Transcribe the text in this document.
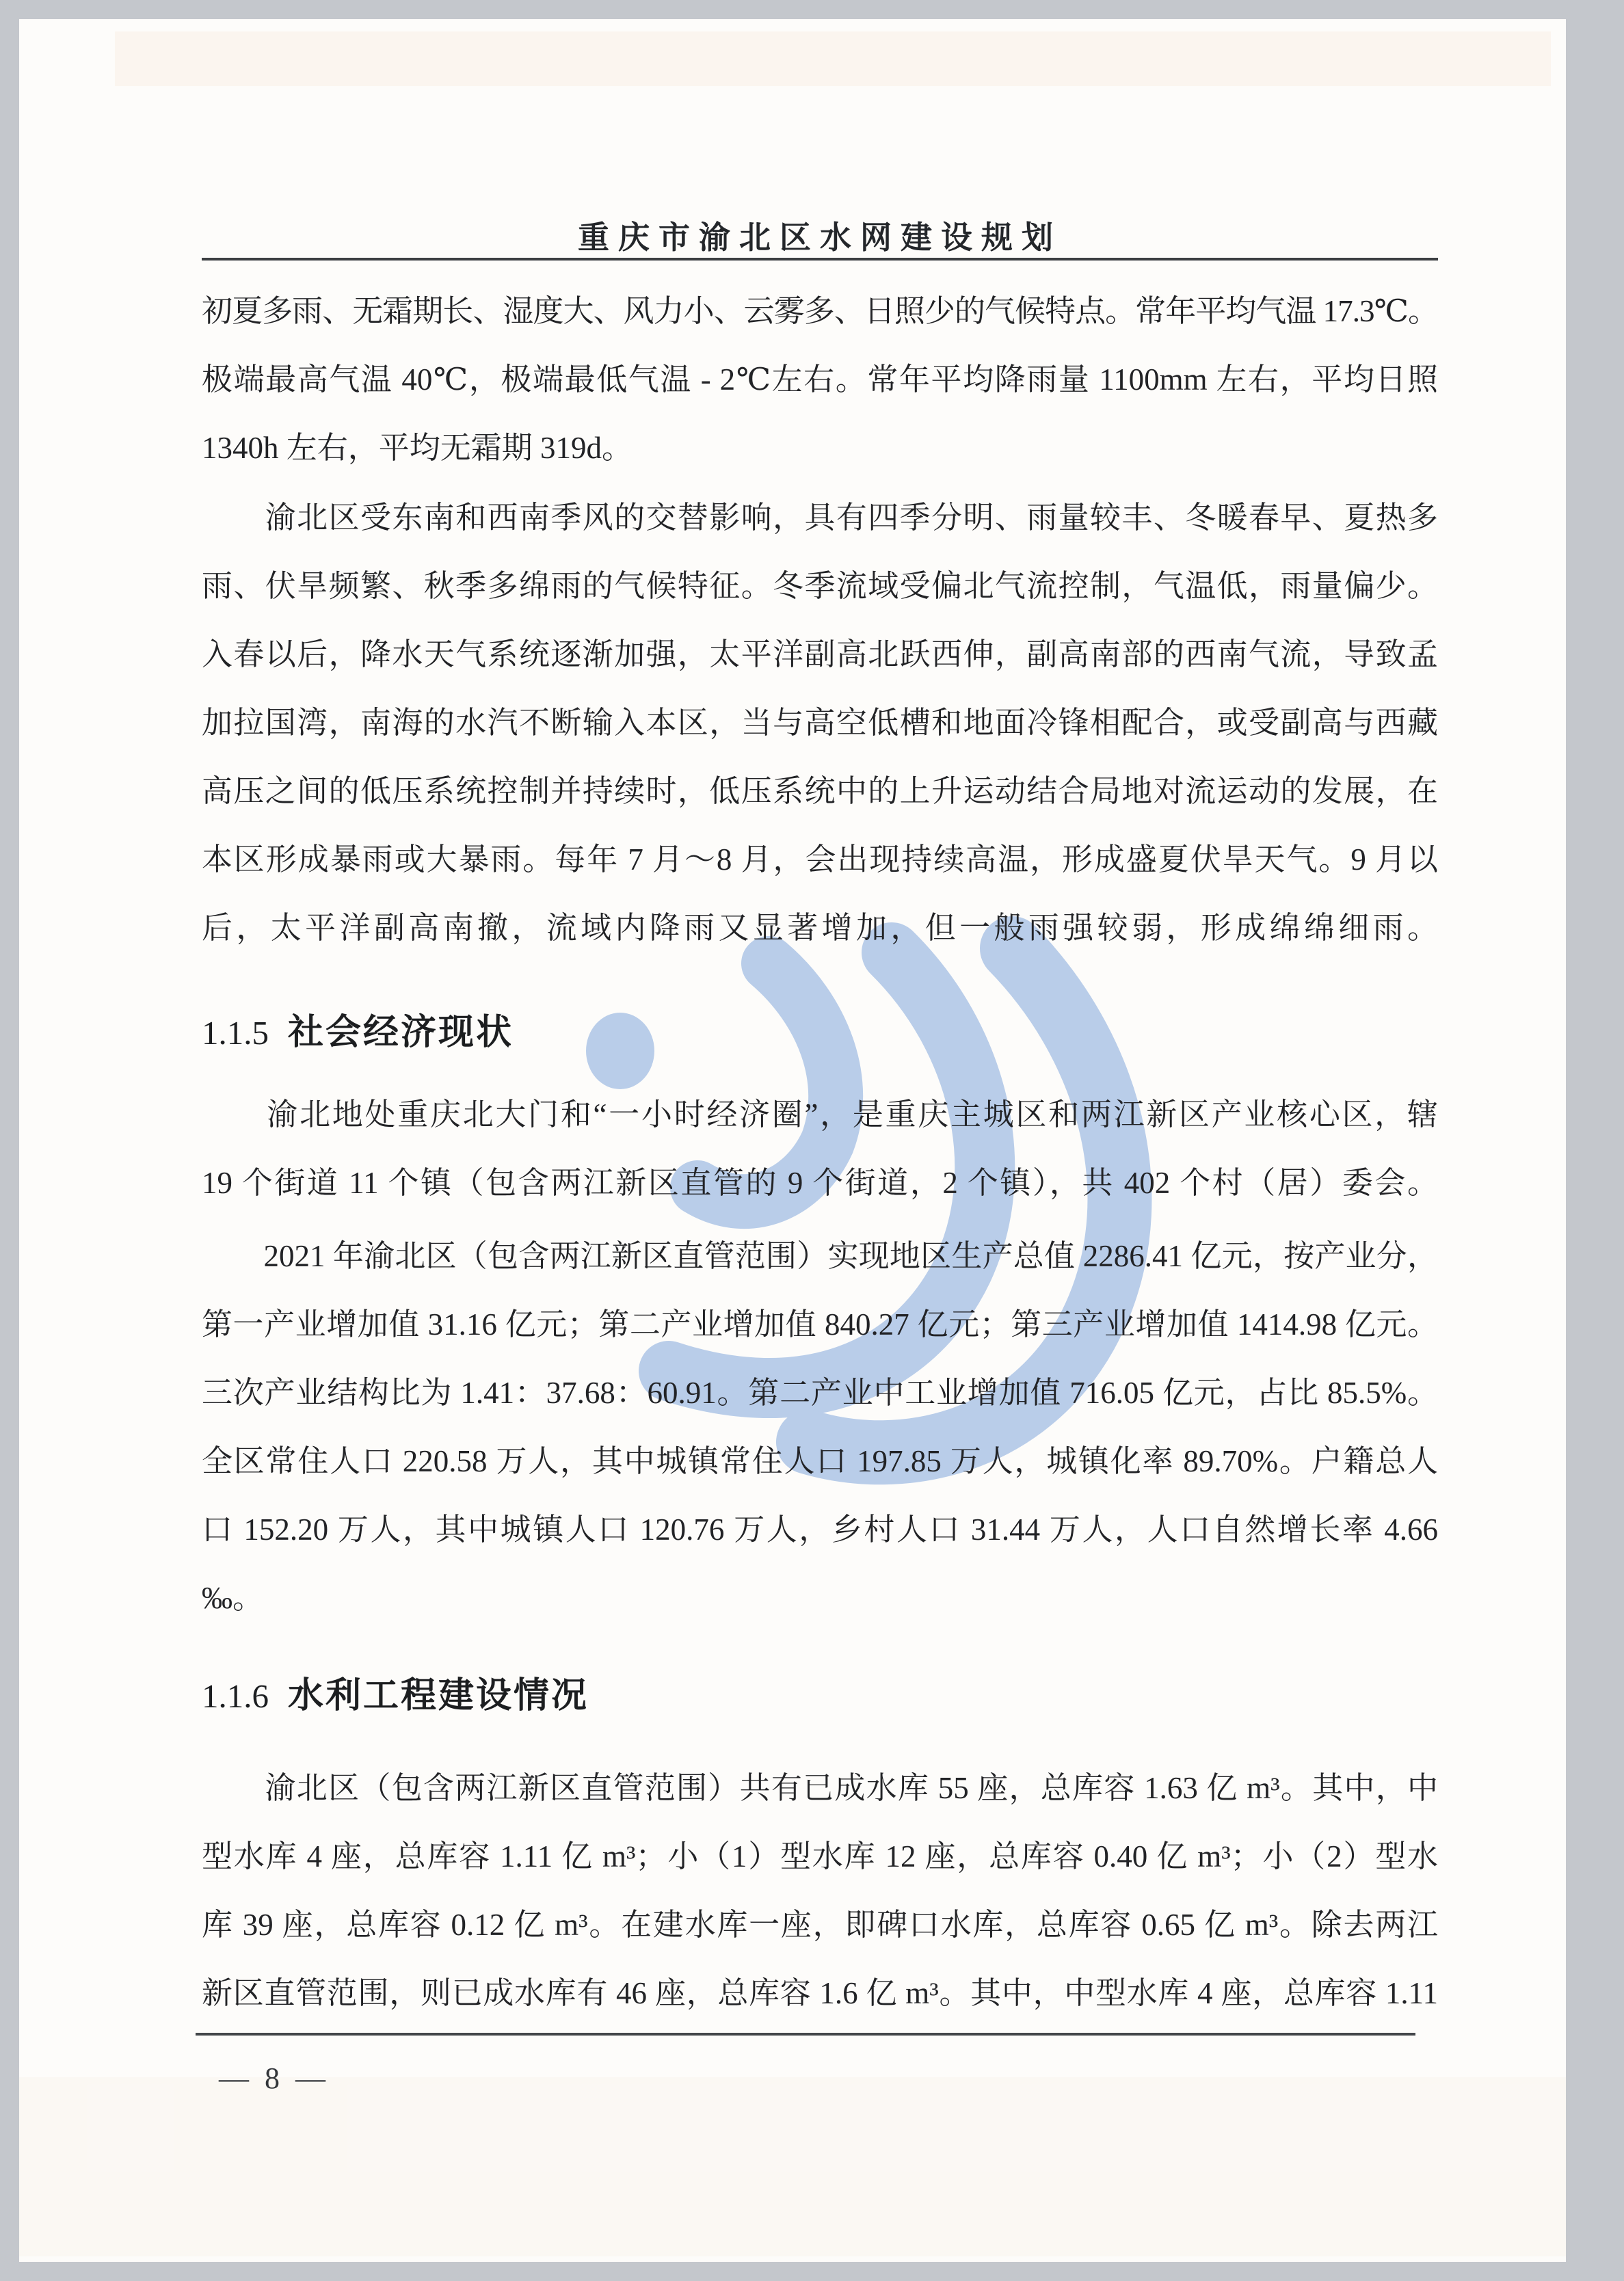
重庆市渝北区水网建设规划
初夏多雨、无霜期长、湿度大、风力小、云雾多、日照少的气候特点。常年平均气温 17.3℃。
极端最高气温 40℃，极端最低气温 - 2℃左右。常年平均降雨量 1100mm 左右，平均日照
1340h 左右，平均无霜期 319d。
　　渝北区受东南和西南季风的交替影响，具有四季分明、雨量较丰、冬暖春早、夏热多
雨、伏旱频繁、秋季多绵雨的气候特征。冬季流域受偏北气流控制，气温低，雨量偏少。
入春以后，降水天气系统逐渐加强，太平洋副高北跃西伸，副高南部的西南气流，导致孟
加拉国湾，南海的水汽不断输入本区，当与高空低槽和地面冷锋相配合，或受副高与西藏
高压之间的低压系统控制并持续时，低压系统中的上升运动结合局地对流运动的发展，在
本区形成暴雨或大暴雨。每年 7 月～8 月，会出现持续高温，形成盛夏伏旱天气。9 月以
后，太平洋副高南撤，流域内降雨又显著增加，但一般雨强较弱，形成绵绵细雨。
1.1.5 社会经济现状
　　渝北地处重庆北大门和“一小时经济圈”，是重庆主城区和两江新区产业核心区，辖
19 个街道 11 个镇（包含两江新区直管的 9 个街道，2 个镇），共 402 个村（居）委会。
　　2021 年渝北区（包含两江新区直管范围）实现地区生产总值 2286.41 亿元，按产业分，
第一产业增加值 31.16 亿元；第二产业增加值 840.27 亿元；第三产业增加值 1414.98 亿元。
三次产业结构比为 1.41：37.68：60.91。第二产业中工业增加值 716.05 亿元，占比 85.5%。
全区常住人口 220.58 万人，其中城镇常住人口 197.85 万人，城镇化率 89.70%。户籍总人
口 152.20 万人，其中城镇人口 120.76 万人，乡村人口 31.44 万人，人口自然增长率 4.66
‰。
1.1.6 水利工程建设情况
　　渝北区（包含两江新区直管范围）共有已成水库 55 座，总库容 1.63 亿 m³。其中，中
型水库 4 座，总库容 1.11 亿 m³；小（1）型水库 12 座，总库容 0.40 亿 m³；小（2）型水
库 39 座，总库容 0.12 亿 m³。在建水库一座，即碑口水库，总库容 0.65 亿 m³。除去两江
新区直管范围，则已成水库有 46 座，总库容 1.6 亿 m³。其中，中型水库 4 座，总库容 1.11
— 8 —
